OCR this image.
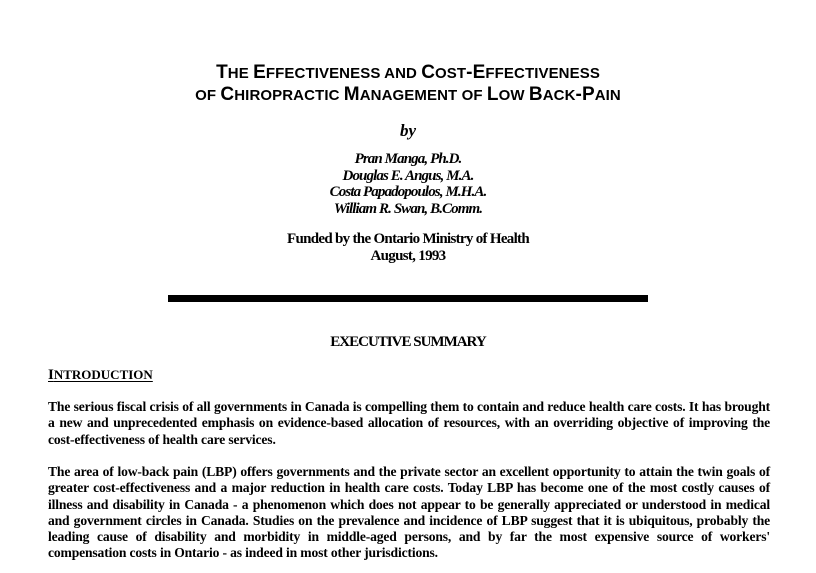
THE EFFECTIVENESS AND COST-EFFECTIVENESS
OF CHIROPRACTIC MANAGEMENT OF LOW BACK-PAIN
by
Pran Manga, Ph.D.
Douglas E. Angus, M.A.
Costa Papadopoulos, M.H.A.
William R. Swan, B.Comm.
Funded by the Ontario Ministry of Health
August, 1993
EXECUTIVE SUMMARY
INTRODUCTION
The serious fiscal crisis of all governments in Canada is compelling them to contain and reduce health care costs. It has brought a new and unprecedented emphasis on evidence-based allocation of resources, with an overriding objective of improving the cost-effectiveness of health care services.
The area of low-back pain (LBP) offers governments and the private sector an excellent opportunity to attain the twin goals of greater cost-effectiveness and a major reduction in health care costs. Today LBP has become one of the most costly causes of illness and disability in Canada - a phenomenon which does not appear to be generally appreciated or understood in medical and government circles in Canada. Studies on the prevalence and incidence of LBP suggest that it is ubiquitous, probably the leading cause of disability and morbidity in middle-aged persons, and by far the most expensive source of workers' compensation costs in Ontario - as indeed in most other jurisdictions.
